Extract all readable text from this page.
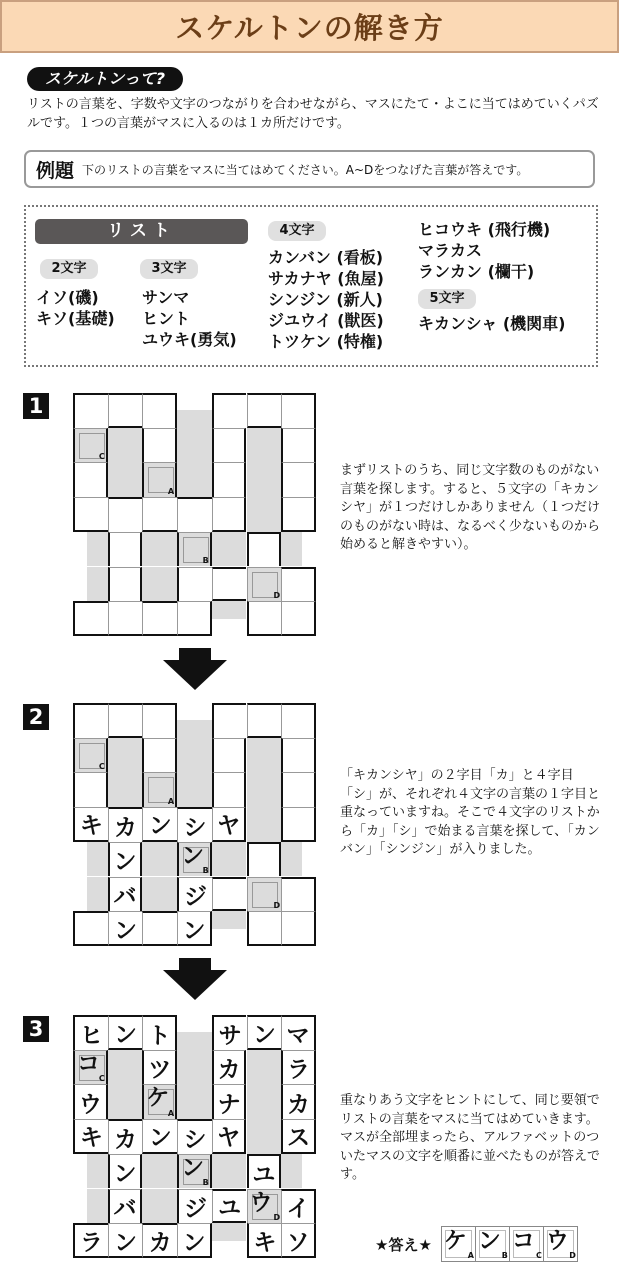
スケルトンの解き方
スケルトンって?
リストの言葉を、字数や文字のつながりを合わせながら、マスにたて・よこに当てはめていくパズルです。１つの言葉がマスに入るのは１カ所だけです。
例題 下のリストの言葉をマスに当てはめてください。A~Dをつなげた言葉が答えです。
リスト
2文字
イソ(磯)
キソ(基礎)
3文字
サンマ
ヒント
ユウキ(勇気)
4文字
カンバン (看板)
サカナヤ (魚屋)
シンジン (新人)
ジユウイ (獣医)
トツケン (特権)
ヒコウキ (飛行機)
マラカス
ランカン (欄干)
5文字
キカンシャ (機関車)
1
C
A
B
D
まずリストのうち、同じ文字数のものがない言葉を探します。すると、５文字の「キカンシヤ」が１つだけしかありません（１つだけのものがない時は、なるべく少ないものから始めると解きやすい）。
2
C
A
キ カ ン シ ヤ
ン	B
ン
バ ジ	D
ン ン
「キカンシヤ」の２字目「カ」と４字目「シ」が、それぞれ４文字の言葉の１字目と重なっていますね。そこで４文字のリストから「カ」「シ」で始まる言葉を探して、「カンバン」「シンジン」が入りました。
3 ヒ ン ト サ ン マ
C
コ ツ カ ラ
ウ	A
ケ ナ カ
キ カ ン シ ヤ ス
ン	B
ン ユ
バ ジ ユ	D
ウ イ
ラ ン カ ン キ ソ
重なりあう文字をヒントにして、同じ要領でリストの言葉をマスに当てはめていきます。マスが全部埋まったら、アルファベットのついたマスの文字を順番に並べたものが答えです。
★答え★ ケ
A
ン
B
コ
C
ウ
D
